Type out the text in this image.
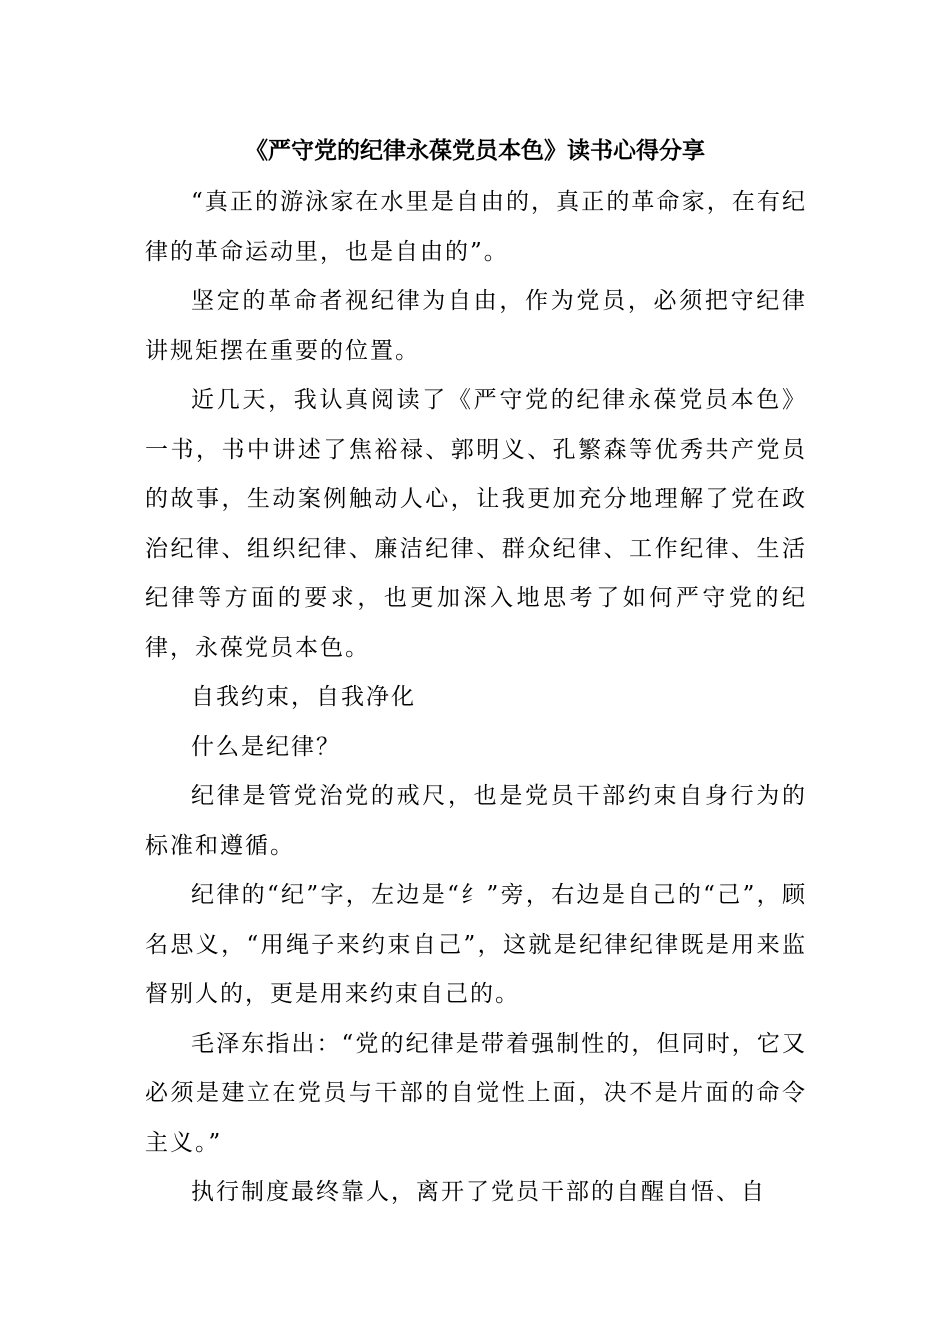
《严守党的纪律永葆党员本色》读书心得分享

“真正的游泳家在水里是自由的，真正的革命家，在有纪律的革命运动里，也是自由的”。

坚定的革命者视纪律为自由，作为党员，必须把守纪律讲规矩摆在重要的位置。

近几天，我认真阅读了《严守党的纪律永葆党员本色》一书，书中讲述了焦裕禄、郭明义、孔繁森等优秀共产党员的故事，生动案例触动人心，让我更加充分地理解了党在政治纪律、组织纪律、廉洁纪律、群众纪律、工作纪律、生活纪律等方面的要求，也更加深入地思考了如何严守党的纪律，永葆党员本色。

自我约束，自我净化

什么是纪律？

纪律是管党治党的戒尺，也是党员干部约束自身行为的标准和遵循。

纪律的“纪”字，左边是“纟”旁，右边是自己的“己”，顾名思义，“用绳子来约束自己”，这就是纪律纪律既是用来监督别人的，更是用来约束自己的。

毛泽东指出：“党的纪律是带着强制性的，但同时，它又必须是建立在党员与干部的自觉性上面，决不是片面的命令主义。”

执行制度最终靠人，离开了党员干部的自醒自悟、自
